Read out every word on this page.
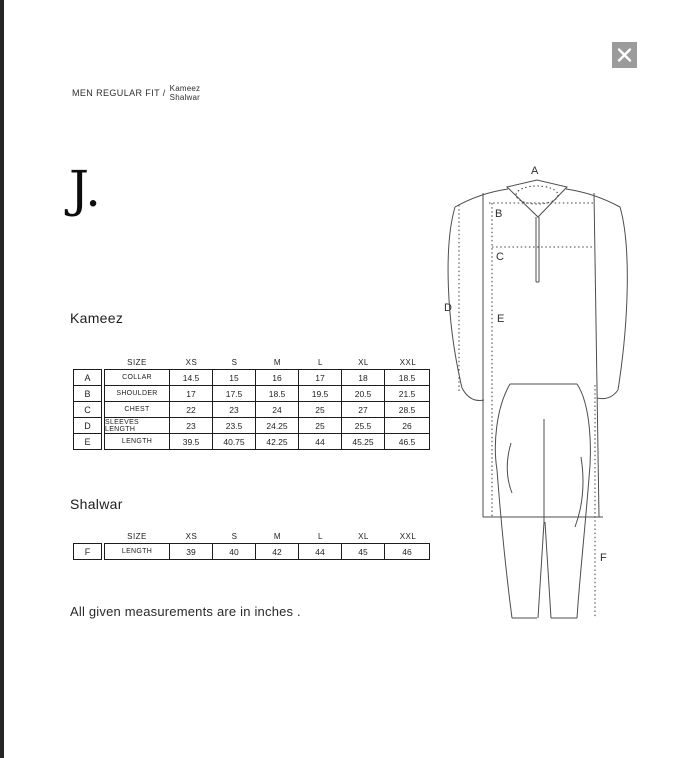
MEN REGULAR FIT / Kameez
Shalwar
J.
Kameez
SIZE	XS	S	M	L	XL	XXL
A	COLLAR	14.5	15	16	17	18	18.5
B	SHOULDER	17	17.5	18.5	19.5	20.5	21.5
C	CHEST	22	23	24	25	27	28.5
D	SLEEVES LENGTH	23	23.5	24.25	25	25.5	26
E	LENGTH	39.5	40.75	42.25	44	45.25	46.5
Shalwar
SIZE	XS	S	M	L	XL	XXL
F	LENGTH	39	40	42	44	45	46
All given measurements are in inches .
A
B
C
D
E
F
